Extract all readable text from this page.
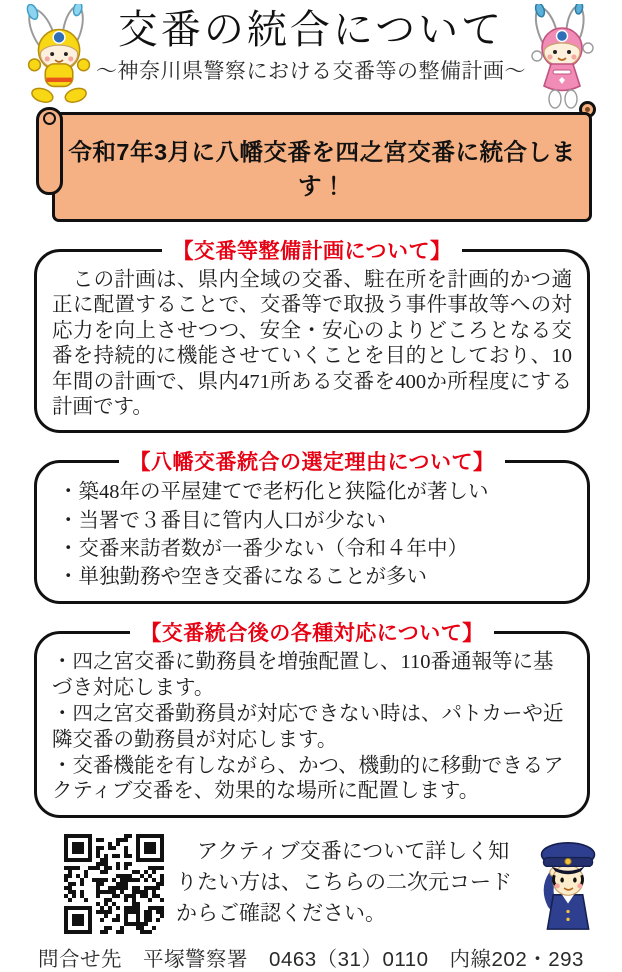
交番の統合について
～神奈川県警察における交番等の整備計画～
令和7年3月に八幡交番を四之宮交番に統合します！
【交番等整備計画について】

　この計画は、県内全域の交番、駐在所を計画的かつ適正に配置することで、交番等で取扱う事件事故等への対応力を向上させつつ、安全・安心のよりどころとなる交番を持続的に機能させていくことを目的としており、10年間の計画で、県内471所ある交番を400か所程度にする計画です。

【八幡交番統合の選定理由について】

・築48年の平屋建てで老朽化と狭隘化が著しい

・当署で３番目に管内人口が少ない

・交番来訪者数が一番少ない（令和４年中）

・単独勤務や空き交番になることが多い

【交番統合後の各種対応について】

・四之宮交番に勤務員を増強配置し、110番通報等に基づき対応します。

・四之宮交番勤務員が対応できない時は、パトカーや近隣交番の勤務員が対応します。

・交番機能を有しながら、かつ、機動的に移動できるアクティブ交番を、効果的な場所に配置します。

　アクティブ交番について詳しく知りたい方は、こちらの二次元コードからご確認ください。
問合せ先　平塚警察署　0463（31）0110　内線202・293
